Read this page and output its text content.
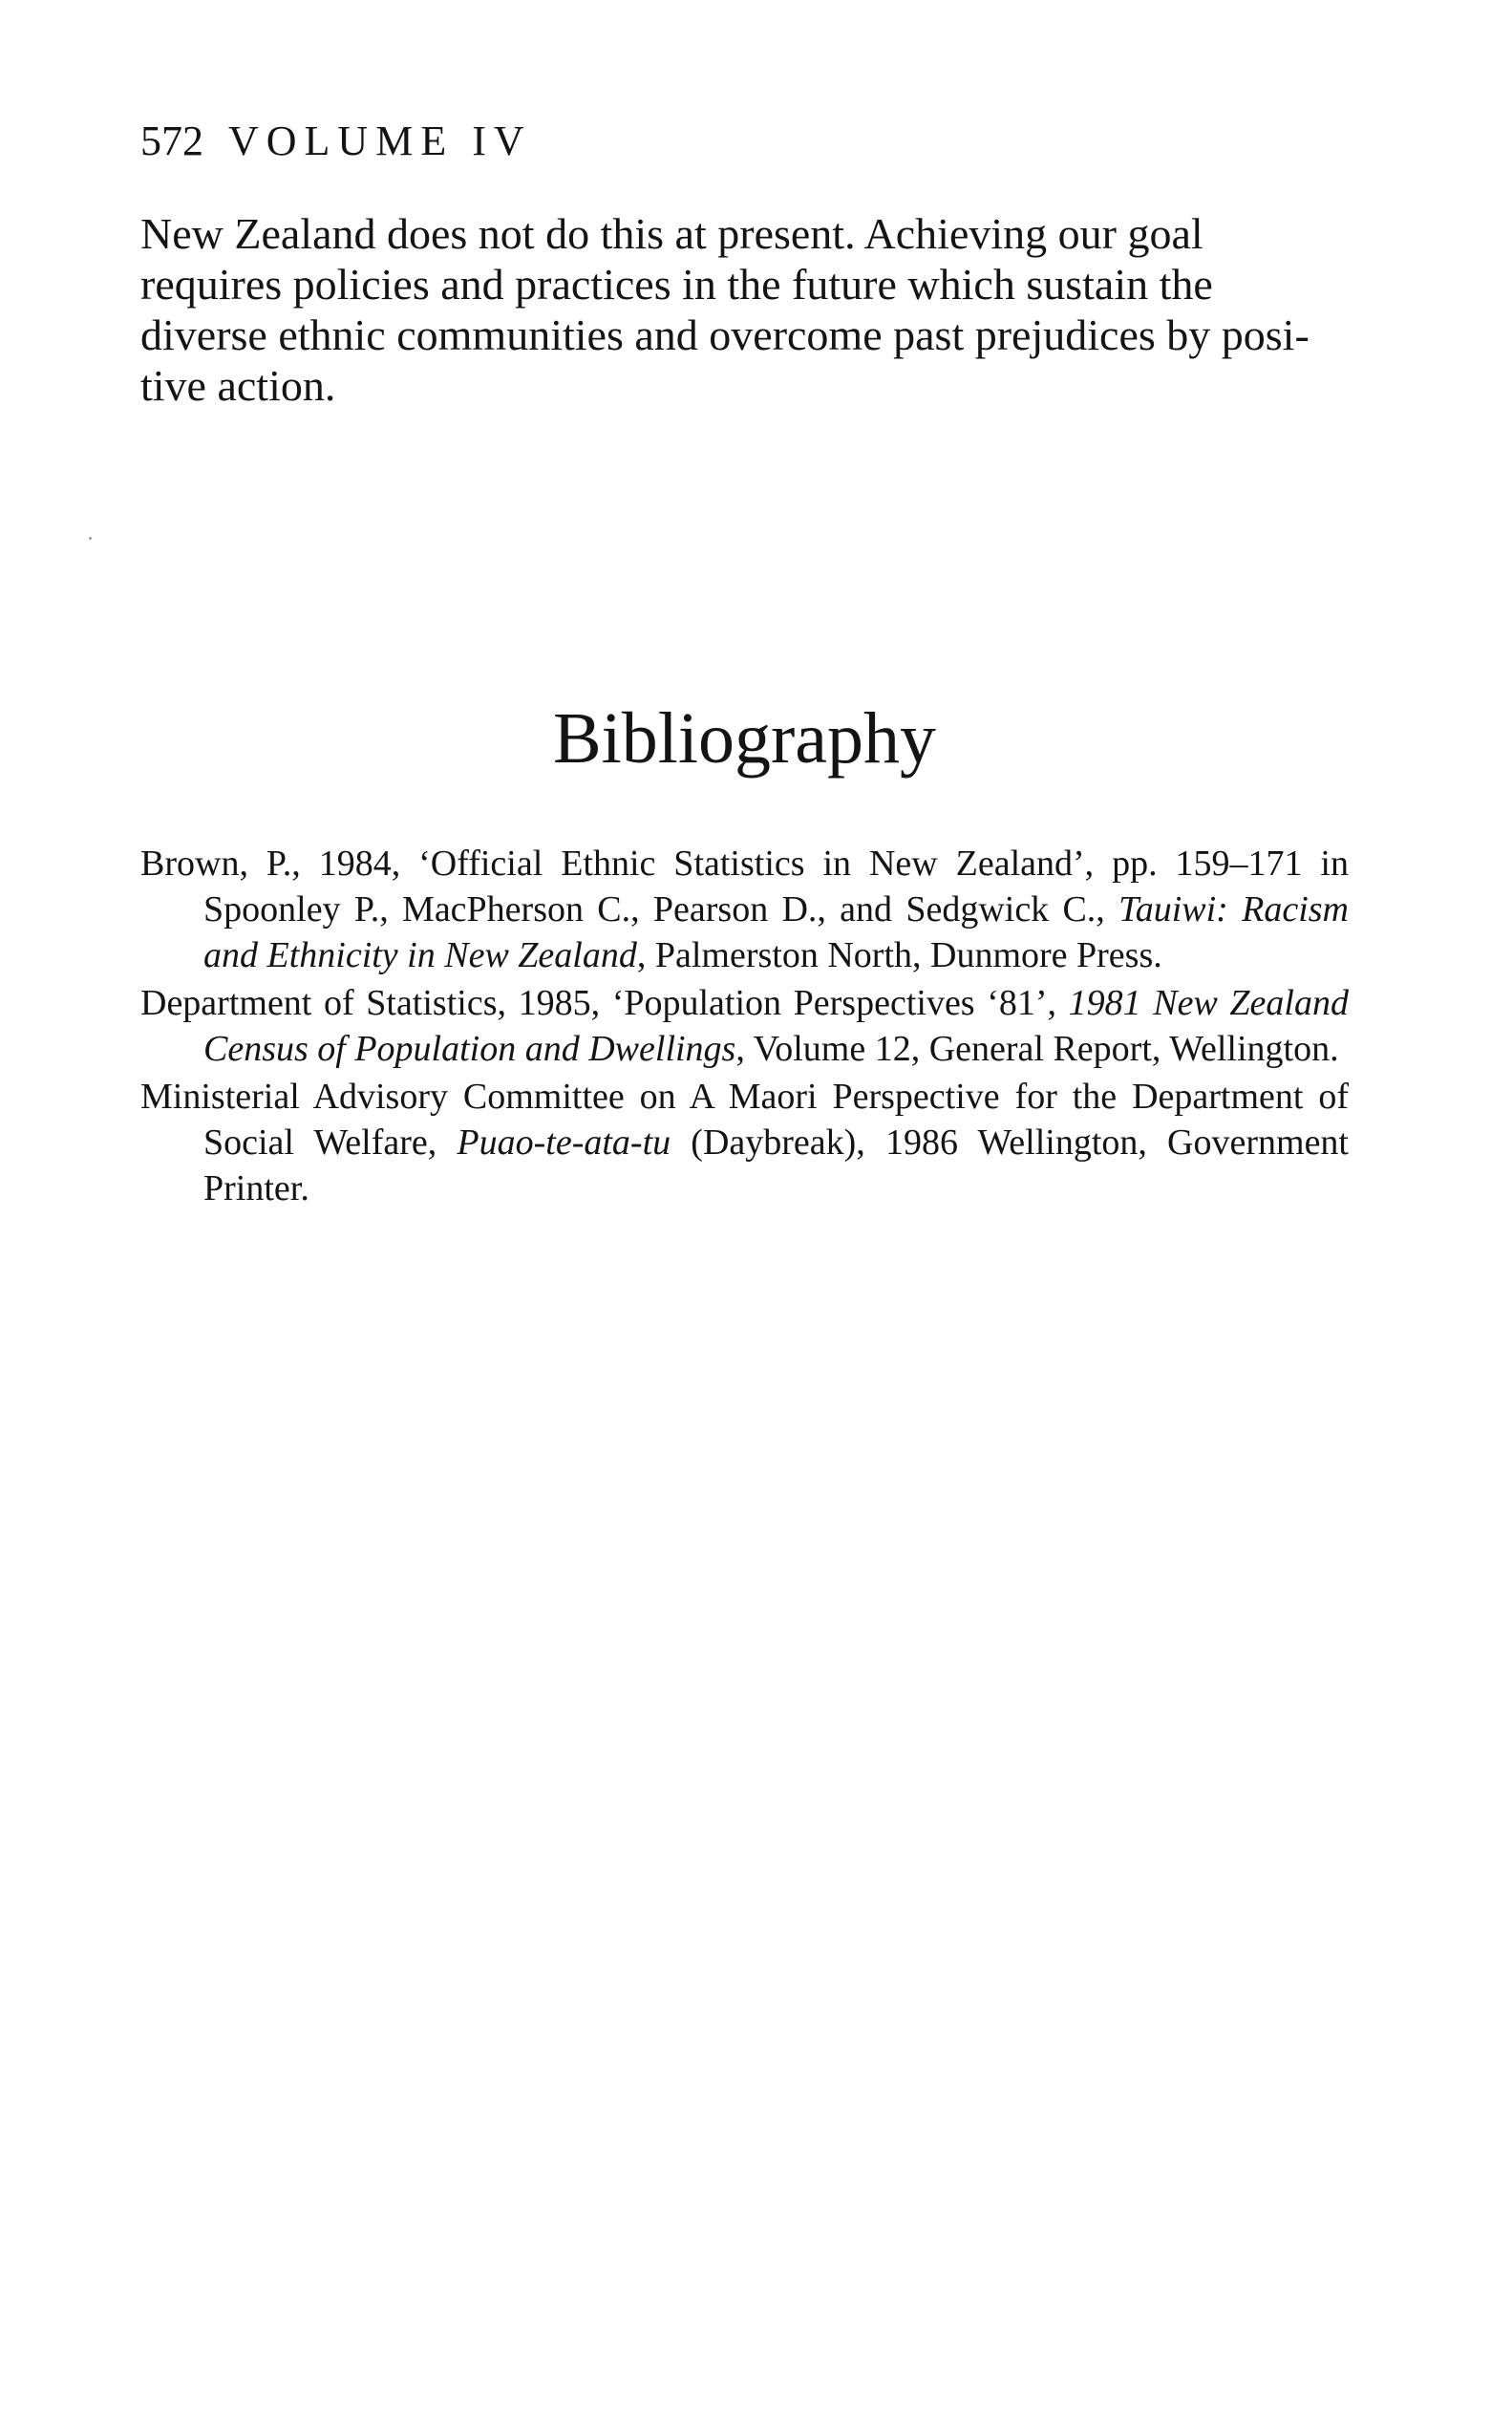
572 VOLUME IV

New Zealand does not do this at present. Achieving our goal
requires policies and practices in the future which sustain the
diverse ethnic communities and overcome past prejudices by posi-
tive action.

Bibliography
Brown, P., 1984, ‘Official Ethnic Statistics in New Zealand’, pp. 159–171 in Spoonley P., MacPherson C., Pearson D., and Sedgwick C., Tauiwi: Racism and Ethnicity in New Zealand, Palmerston North, Dunmore Press.
Department of Statistics, 1985, ‘Population Perspectives ‘81’, 1981 New Zealand Census of Population and Dwellings, Volume 12, General Report, Wellington.
Ministerial Advisory Committee on A Maori Perspective for the Department of Social Welfare, Puao-te-ata-tu (Daybreak), 1986 Wellington, Government Printer.
